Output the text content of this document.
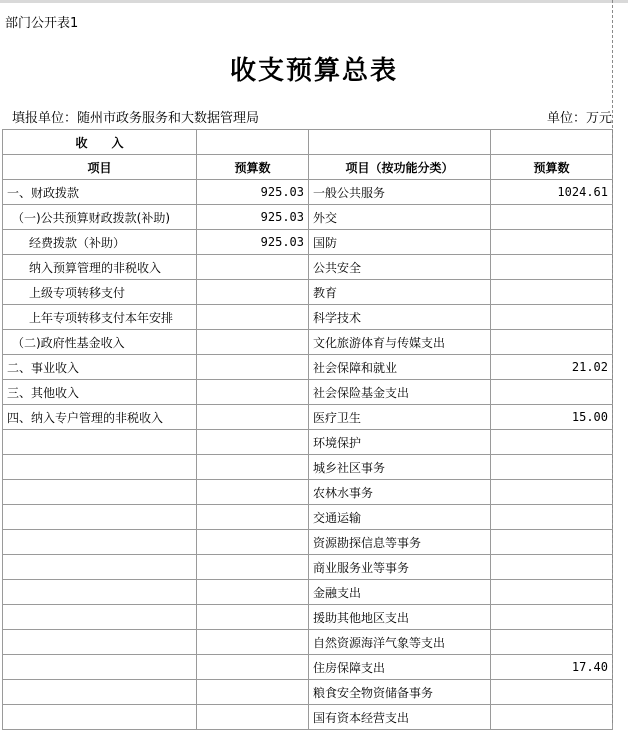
部门公开表1
收支预算总表
填报单位：随州市政务服务和大数据管理局	单位：万元
收　　入			
项目	预算数	项目（按功能分类）	预算数
一、财政拨款	925.03	一般公共服务	1024.61
（一)公共预算财政拨款(补助)	925.03	外交	
经费拨款（补助）	925.03	国防	
纳入预算管理的非税收入		公共安全	
上级专项转移支付		教育	
上年专项转移支付本年安排		科学技术	
（二)政府性基金收入		文化旅游体育与传媒支出	
二、事业收入		社会保障和就业	21.02
三、其他收入		社会保险基金支出	
四、纳入专户管理的非税收入		医疗卫生	15.00
		环境保护	
		城乡社区事务	
		农林水事务	
		交通运输	
		资源勘探信息等事务	
		商业服务业等事务	
		金融支出	
		援助其他地区支出	
		自然资源海洋气象等支出	
		住房保障支出	17.40
		粮食安全物资储备事务	
		国有资本经营支出	
